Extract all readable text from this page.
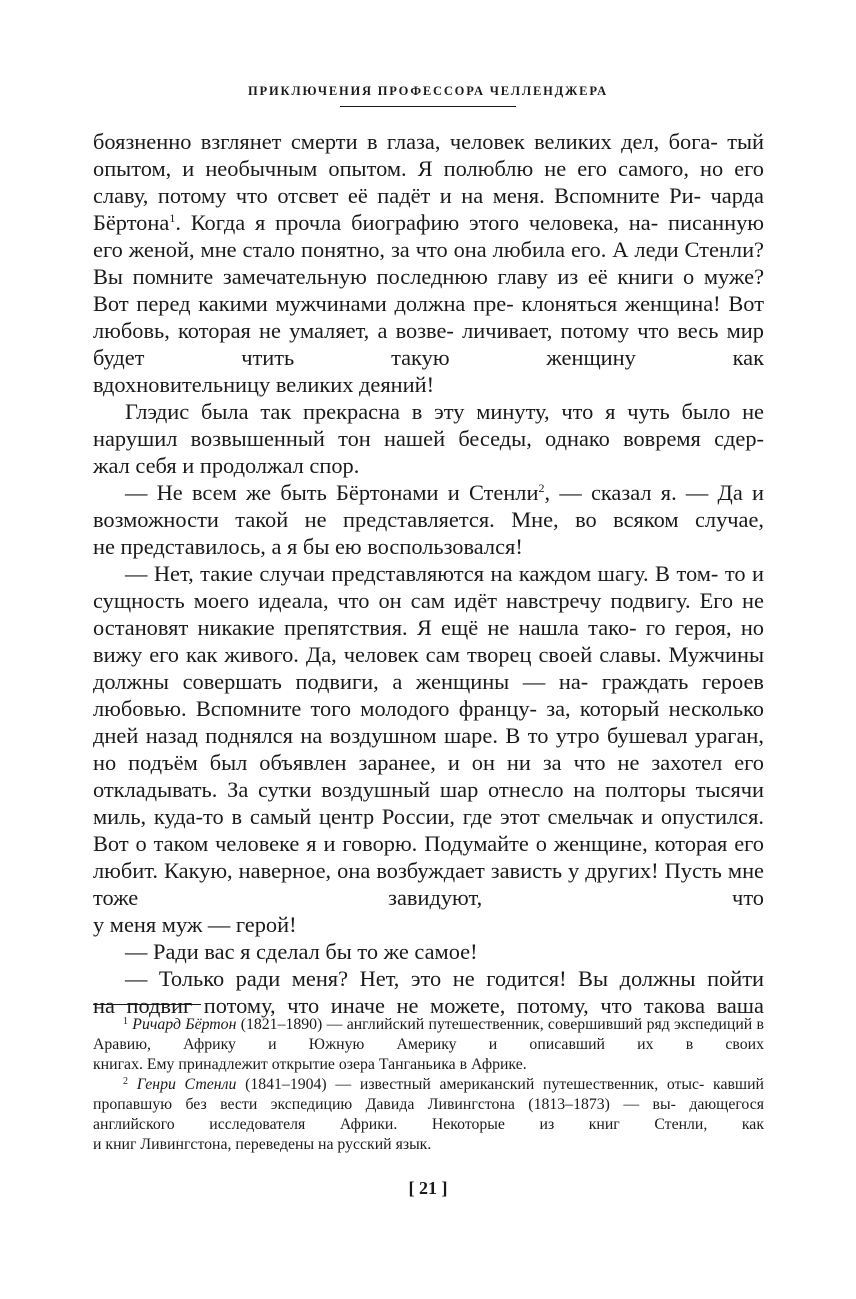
ПРИКЛЮЧЕНИЯ ПРОФЕССОРА ЧЕЛЛЕНДЖЕРА

боязненно взглянет смерти в глаза, человек великих дел, бога- тый опытом, и необычным опытом. Я полюблю не его самого, но его славу, потому что отсвет её падёт и на меня. Вспомните Ри- чарда Бёртона$^1$. Когда я прочла биографию этого человека, на- писанную его женой, мне стало понятно, за что она любила его. А леди Стенли? Вы помните замечательную последнюю главу из её книги о муже? Вот перед какими мужчинами должна пре- клоняться женщина! Вот любовь, которая не умаляет, а возве- личивает, потому что весь мир будет чтить такую женщину как

вдохновительницу великих деяний!

Глэдис была так прекрасна в эту минуту, что я чуть было не нарушил возвышенный тон нашей беседы, однако вовремя сдер-

жал себя и продолжал спор.

— Не всем же быть Бёртонами и Стенли$^2$, — сказал я. — Да и возможности такой не представляется. Мне, во всяком случае,

не представилось, а я бы ею воспользовался!

— Нет, такие случаи представляются на каждом шагу. В том- то и сущность моего идеала, что он сам идёт навстречу подвигу. Его не остановят никакие препятствия. Я ещё не нашла тако- го героя, но вижу его как живого. Да, человек сам творец своей славы. Мужчины должны совершать подвиги, а женщины — на- граждать героев любовью. Вспомните того молодого францу- за, который несколько дней назад поднялся на воздушном шаре. В то утро бушевал ураган, но подъём был объявлен заранее, и он ни за что не захотел его откладывать. За сутки воздушный шар отнесло на полторы тысячи миль, куда-то в самый центр России, где этот смельчак и опустился. Вот о таком человеке я и говорю. Подумайте о женщине, которая его любит. Какую, наверное, она возбуждает зависть у других! Пусть мне тоже завидуют, что

у меня муж — герой!

— Ради вас я сделал бы то же самое!

— Только ради меня? Нет, это не годится! Вы должны пойти

на подвиг потому, что иначе не можете, потому, что такова ваша

$^1$ Ричард Бёртон (1821–1890) — английский путешественник, совершивший ряд экспедиций в Аравию, Африку и Южную Америку и описавший их в своих

книгах. Ему принадлежит открытие озера Танганьика в Африке.

$^2$ Генри Стенли (1841–1904) — известный американский путешественник, отыс- кавший пропавшую без вести экспедицию Давида Ливингстона (1813–1873) — вы- дающегося английского исследователя Африки. Некоторые из книг Стенли, как

и книг Ливингстона, переведены на русский язык.

[ 21 ]
